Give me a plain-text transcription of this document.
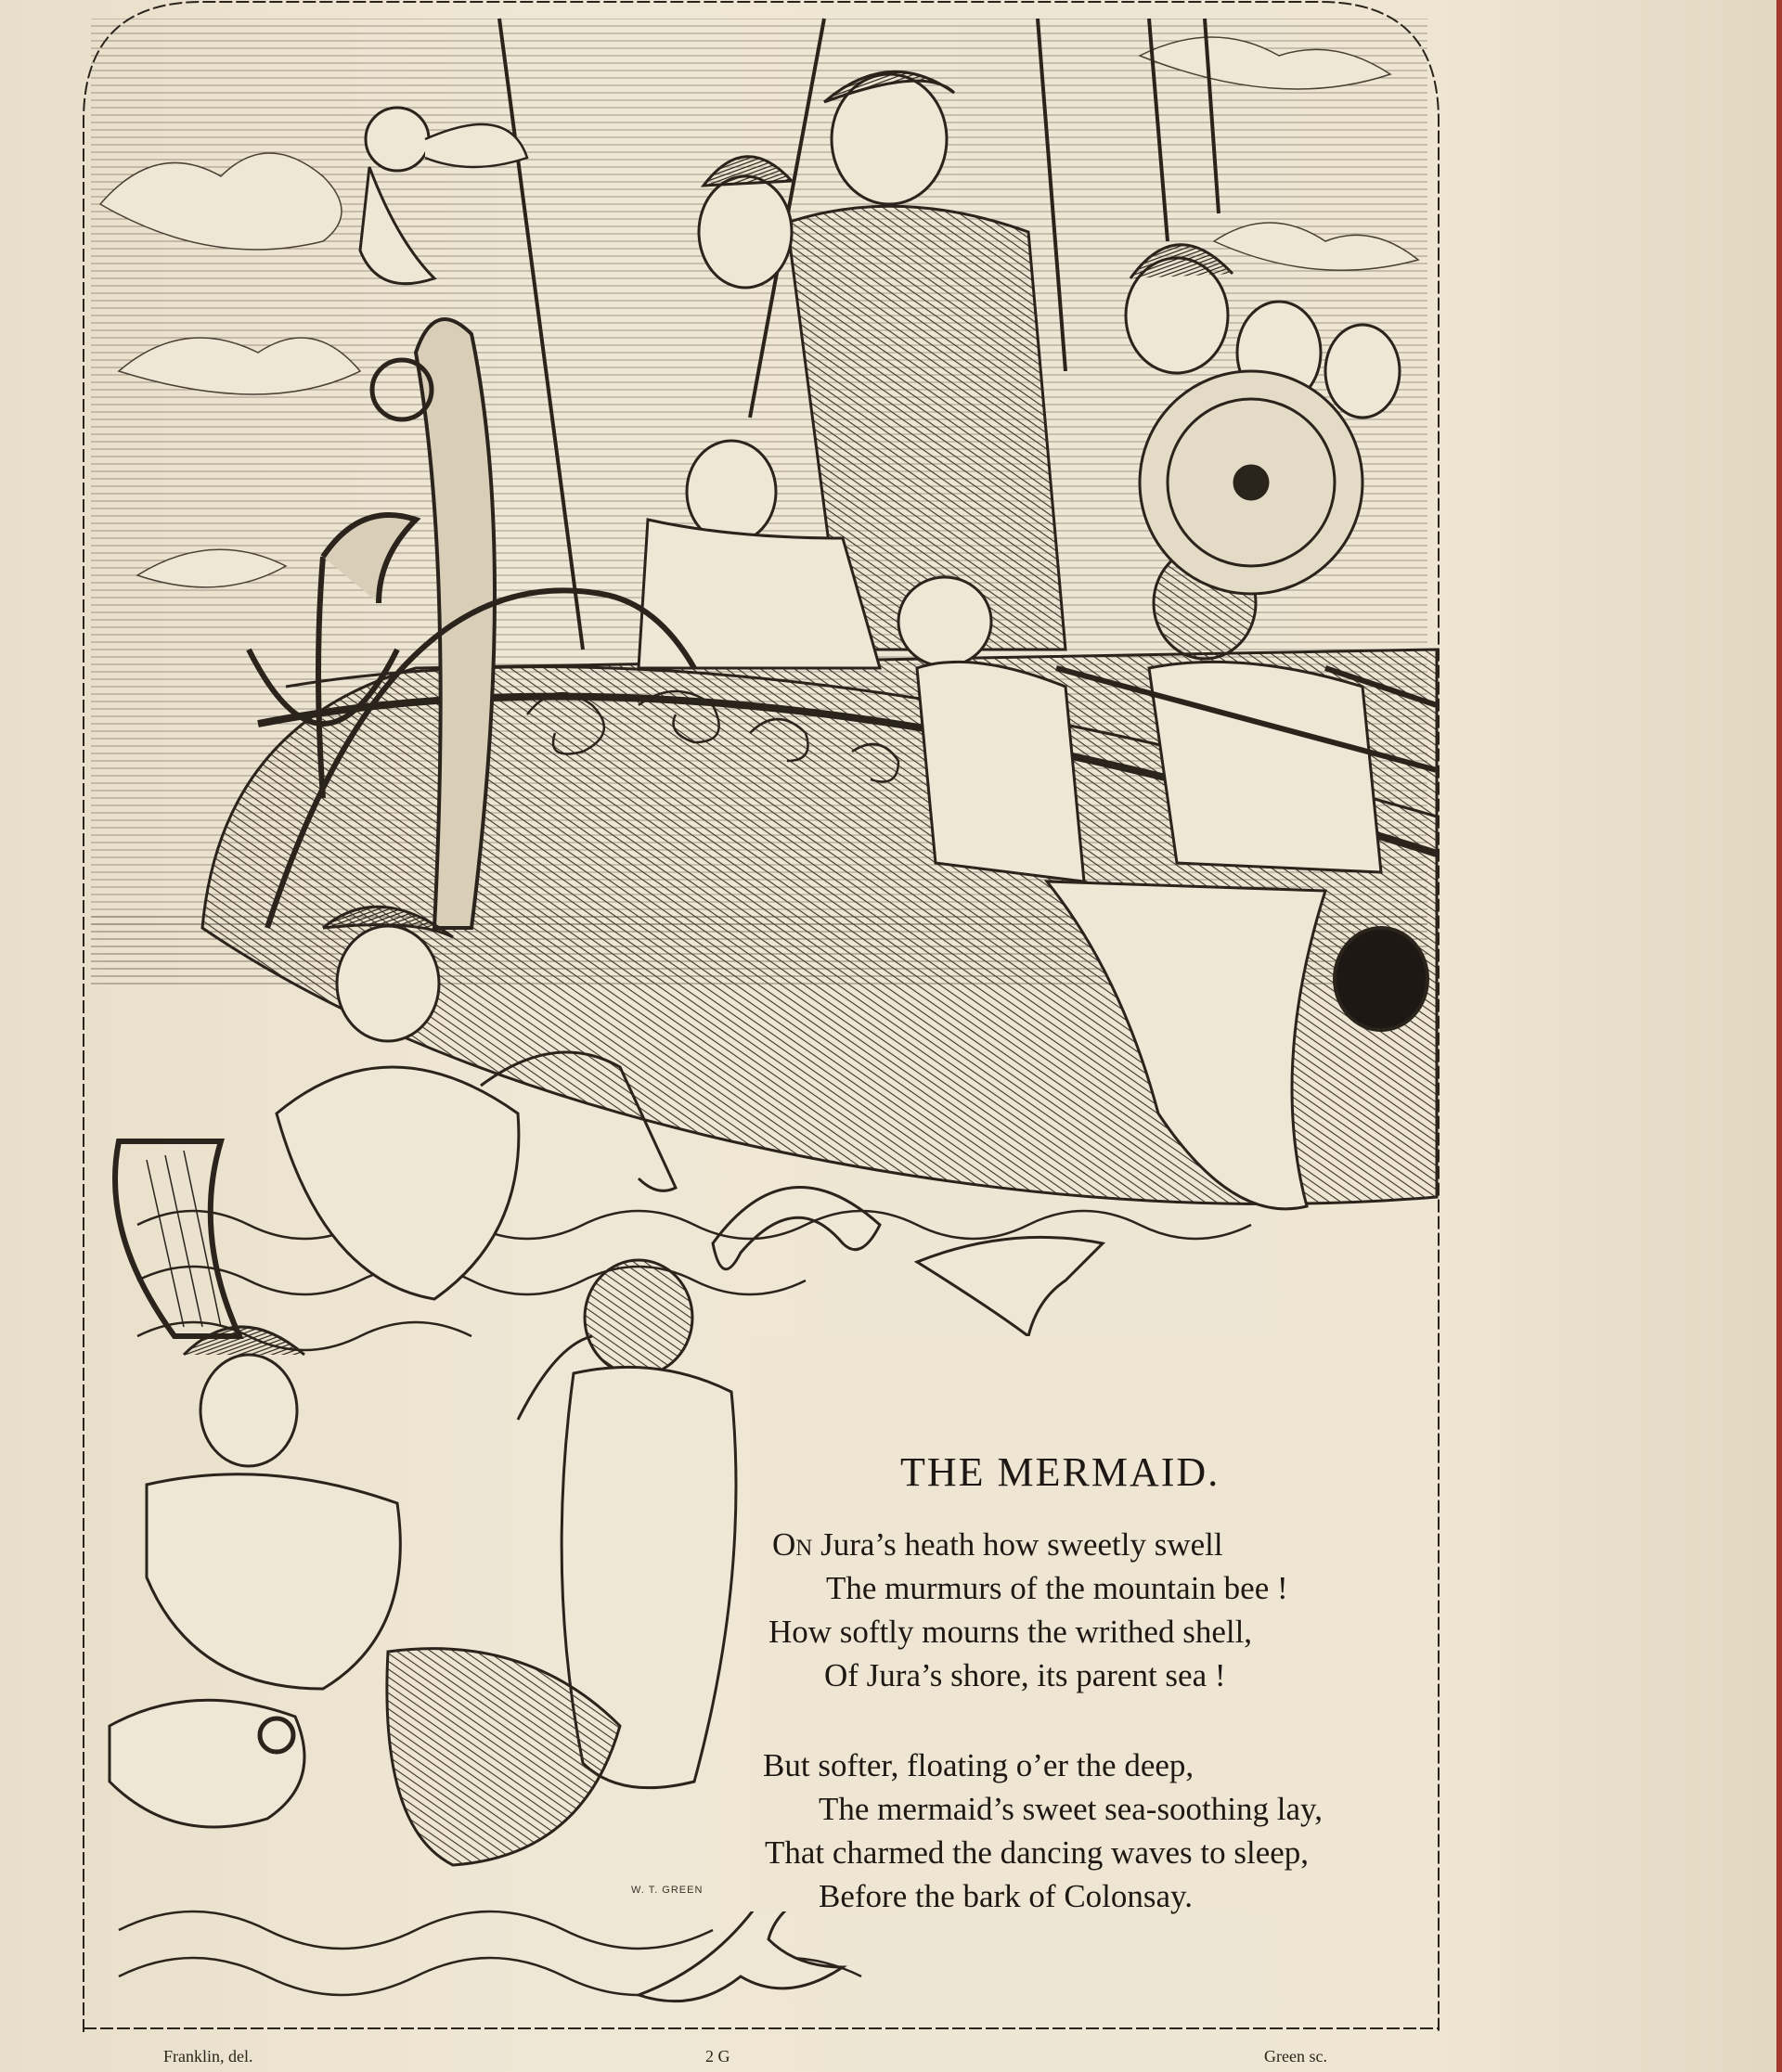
W. T. GREEN
THE MERMAID.
On Jura’s heath how sweetly swell
The murmurs of the mountain bee !
How softly mourns the writhed shell,
Of Jura’s shore, its parent sea !
But softer, floating o’er the deep,
The mermaid’s sweet sea-soothing lay,
That charmed the dancing waves to sleep,
Before the bark of Colonsay.
Franklin, del.	2 G	Green sc.
